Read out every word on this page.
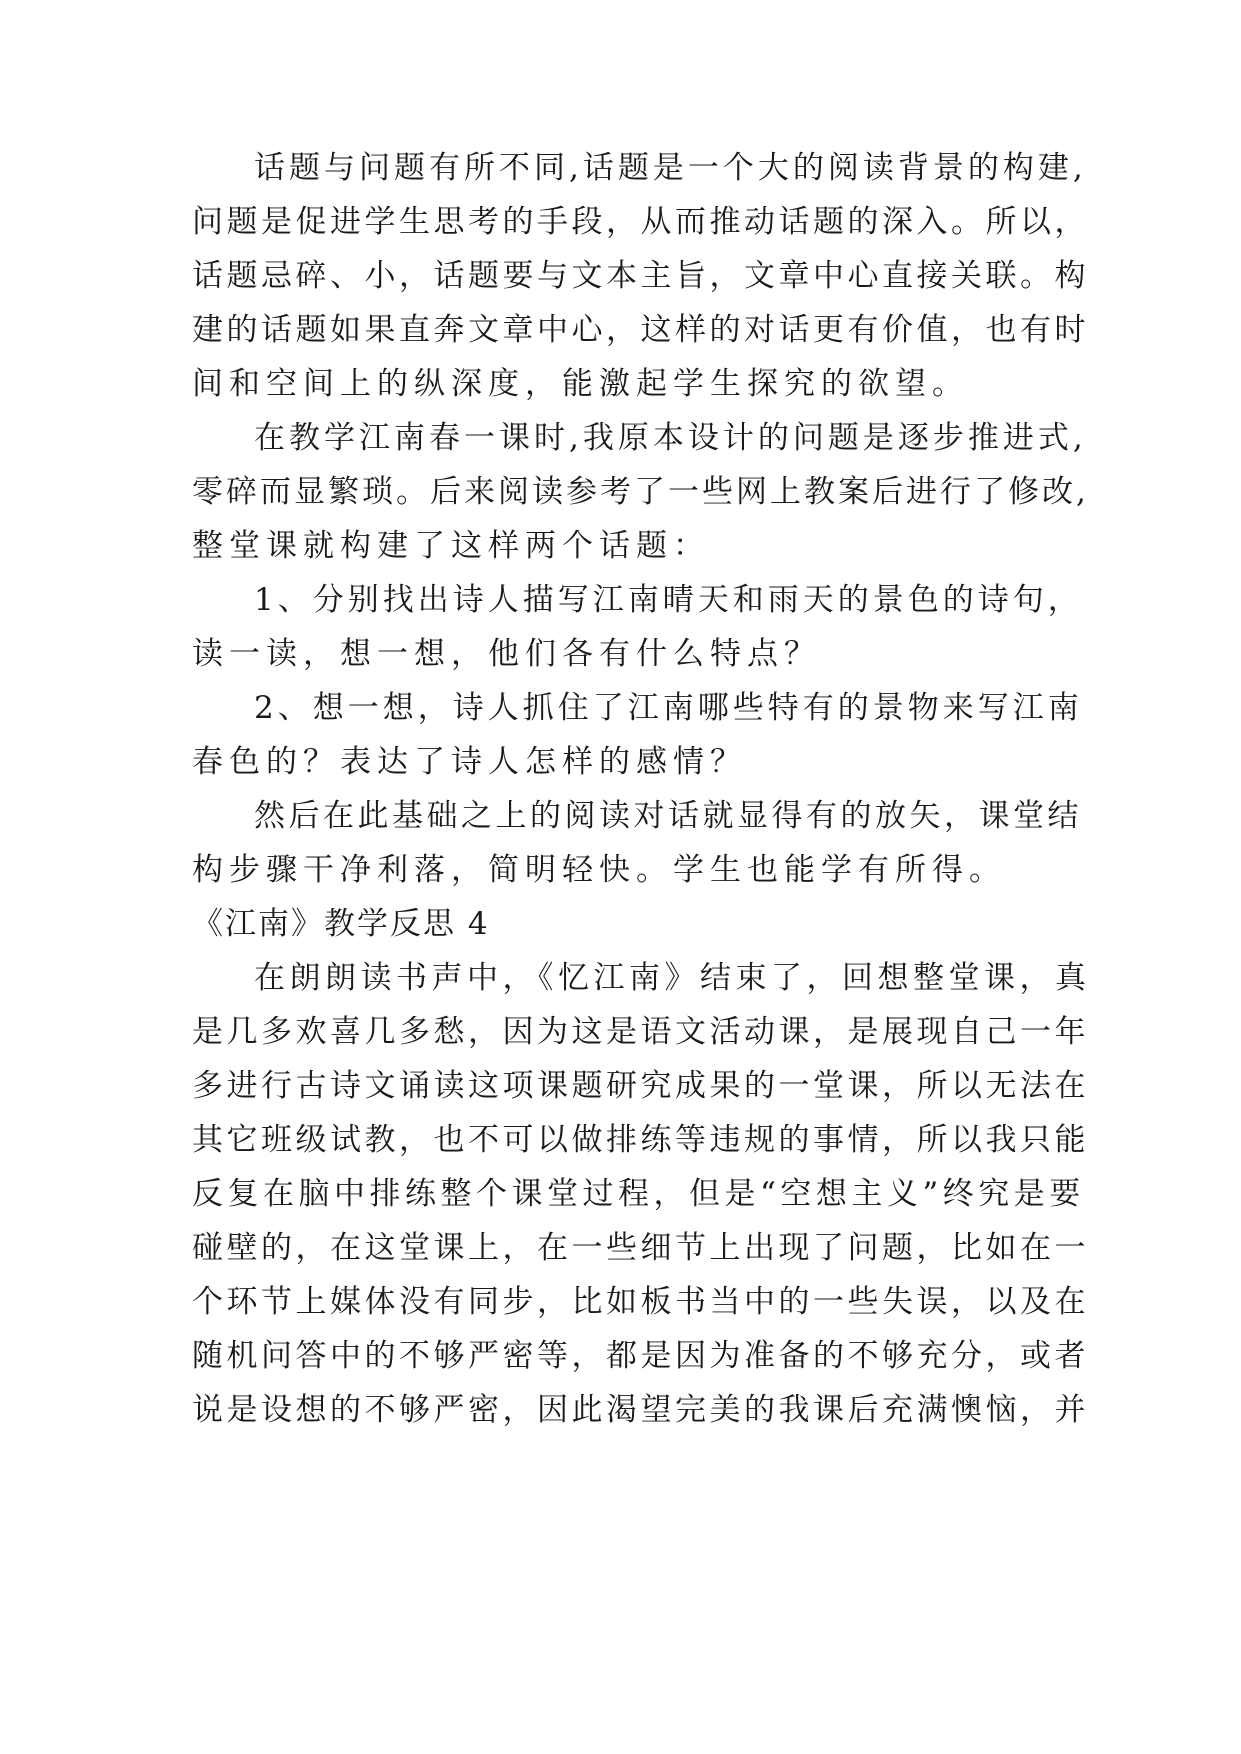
话题与问题有所不同,话题是一个大的阅读背景的构建,
问题是促进学生思考的手段，从而推动话题的深入。所以，
话题忌碎、小，话题要与文本主旨，文章中心直接关联。构
建的话题如果直奔文章中心，这样的对话更有价值，也有时
间和空间上的纵深度，能激起学生探究的欲望。
在教学江南春一课时,我原本设计的问题是逐步推进式,
零碎而显繁琐。后来阅读参考了一些网上教案后进行了修改,
整堂课就构建了这样两个话题：
1、分别找出诗人描写江南晴天和雨天的景色的诗句，
读一读，想一想，他们各有什么特点？
2、想一想，诗人抓住了江南哪些特有的景物来写江南
春色的？表达了诗人怎样的感情？
然后在此基础之上的阅读对话就显得有的放矢，课堂结
构步骤干净利落，简明轻快。学生也能学有所得。
《江南》教学反思 4
在朗朗读书声中，《忆江南》结束了，回想整堂课，真
是几多欢喜几多愁，因为这是语文活动课，是展现自己一年
多进行古诗文诵读这项课题研究成果的一堂课，所以无法在
其它班级试教，也不可以做排练等违规的事情，所以我只能
反复在脑中排练整个课堂过程，但是“空想主义”终究是要
碰壁的，在这堂课上，在一些细节上出现了问题，比如在一
个环节上媒体没有同步，比如板书当中的一些失误，以及在
随机问答中的不够严密等，都是因为准备的不够充分，或者
说是设想的不够严密，因此渴望完美的我课后充满懊恼，并
